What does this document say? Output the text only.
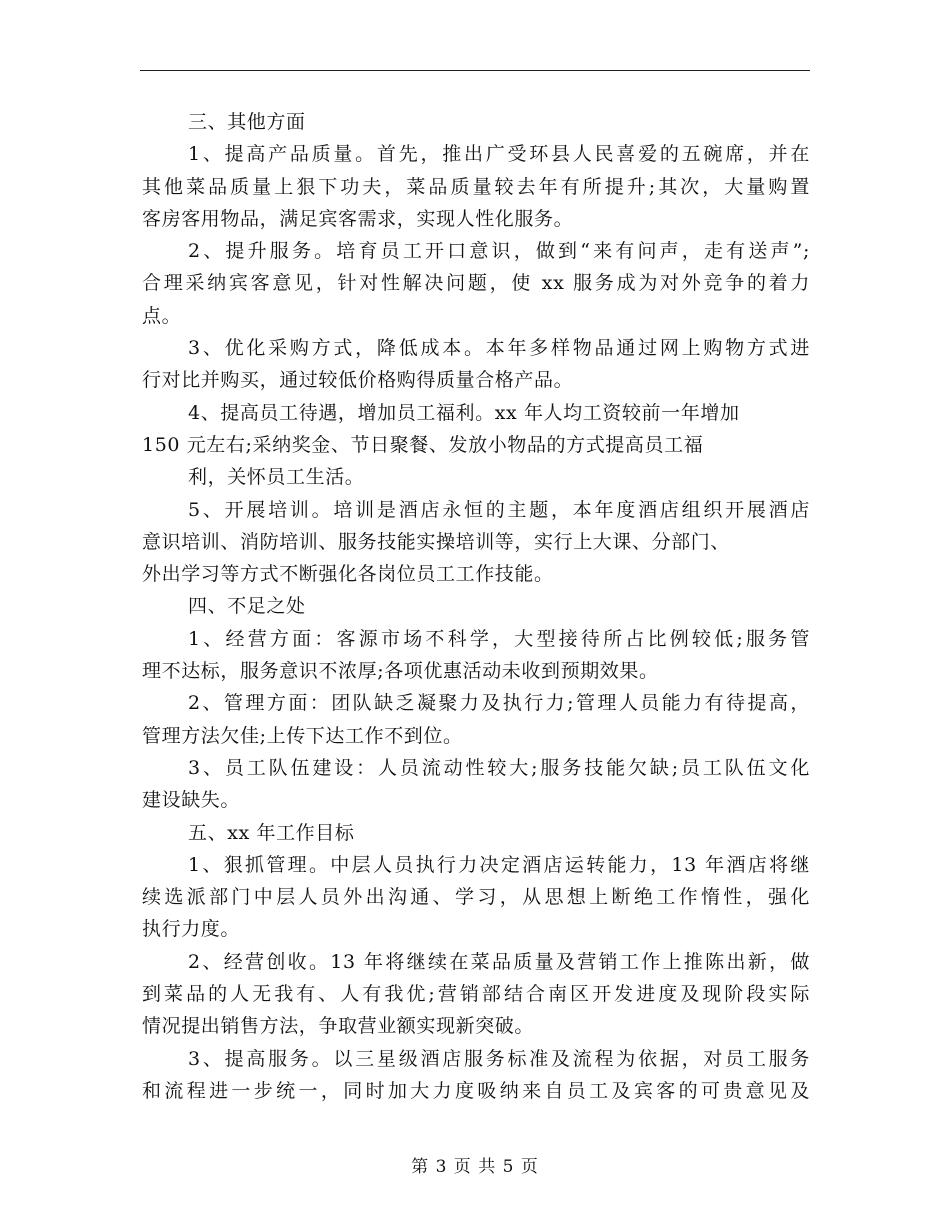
三、其他方面
1、提高产品质量。首先，推出广受环县人民喜爱的五碗席，并在
其他菜品质量上狠下功夫，菜品质量较去年有所提升;其次，大量购置
客房客用物品，满足宾客需求，实现人性化服务。
2、提升服务。培育员工开口意识，做到“来有问声，走有送声”;
合理采纳宾客意见，针对性解决问题，使 xx 服务成为对外竞争的着力
点。
3、优化采购方式，降低成本。本年多样物品通过网上购物方式进
行对比并购买，通过较低价格购得质量合格产品。
4、提高员工待遇，增加员工福利。xx 年人均工资较前一年增加
150 元左右;采纳奖金、节日聚餐、发放小物品的方式提高员工福
利，关怀员工生活。
5、开展培训。培训是酒店永恒的主题，本年度酒店组织开展酒店
意识培训、消防培训、服务技能实操培训等，实行上大课、分部门、
外出学习等方式不断强化各岗位员工工作技能。
四、不足之处
1、经营方面：客源市场不科学，大型接待所占比例较低;服务管
理不达标，服务意识不浓厚;各项优惠活动未收到预期效果。
2、管理方面：团队缺乏凝聚力及执行力;管理人员能力有待提高，
管理方法欠佳;上传下达工作不到位。
3、员工队伍建设：人员流动性较大;服务技能欠缺;员工队伍文化
建设缺失。
五、xx 年工作目标
1、狠抓管理。中层人员执行力决定酒店运转能力，13 年酒店将继
续选派部门中层人员外出沟通、学习，从思想上断绝工作惰性，强化
执行力度。
2、经营创收。13 年将继续在菜品质量及营销工作上推陈出新，做
到菜品的人无我有、人有我优;营销部结合南区开发进度及现阶段实际
情况提出销售方法，争取营业额实现新突破。
3、提高服务。以三星级酒店服务标准及流程为依据，对员工服务
和流程进一步统一，同时加大力度吸纳来自员工及宾客的可贵意见及
第 3 页 共 5 页
